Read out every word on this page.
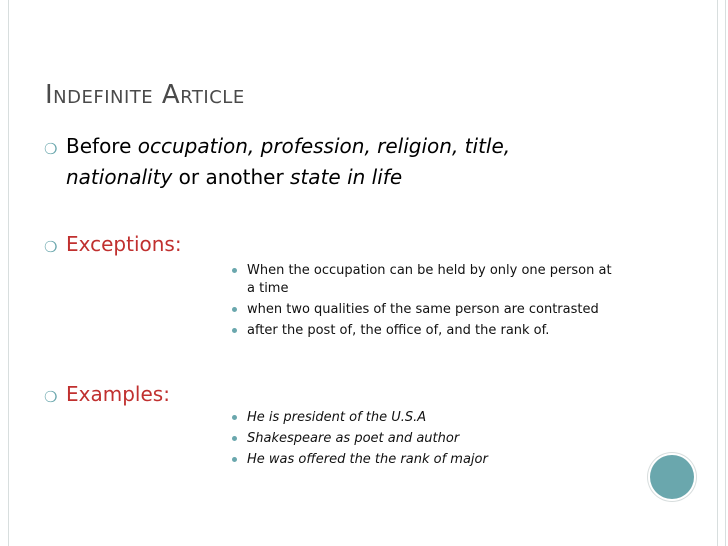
Indefinite Article
❍ Before occupation, profession, religion, title,
nationality or another state in life
❍ Exceptions:
When the occupation can be held by only one person at a time
when two qualities of the same person are contrasted
after the post of, the office of, and the rank of.
❍ Examples:
He is president of the U.S.A
Shakespeare as poet and author
He was offered the the rank of major
